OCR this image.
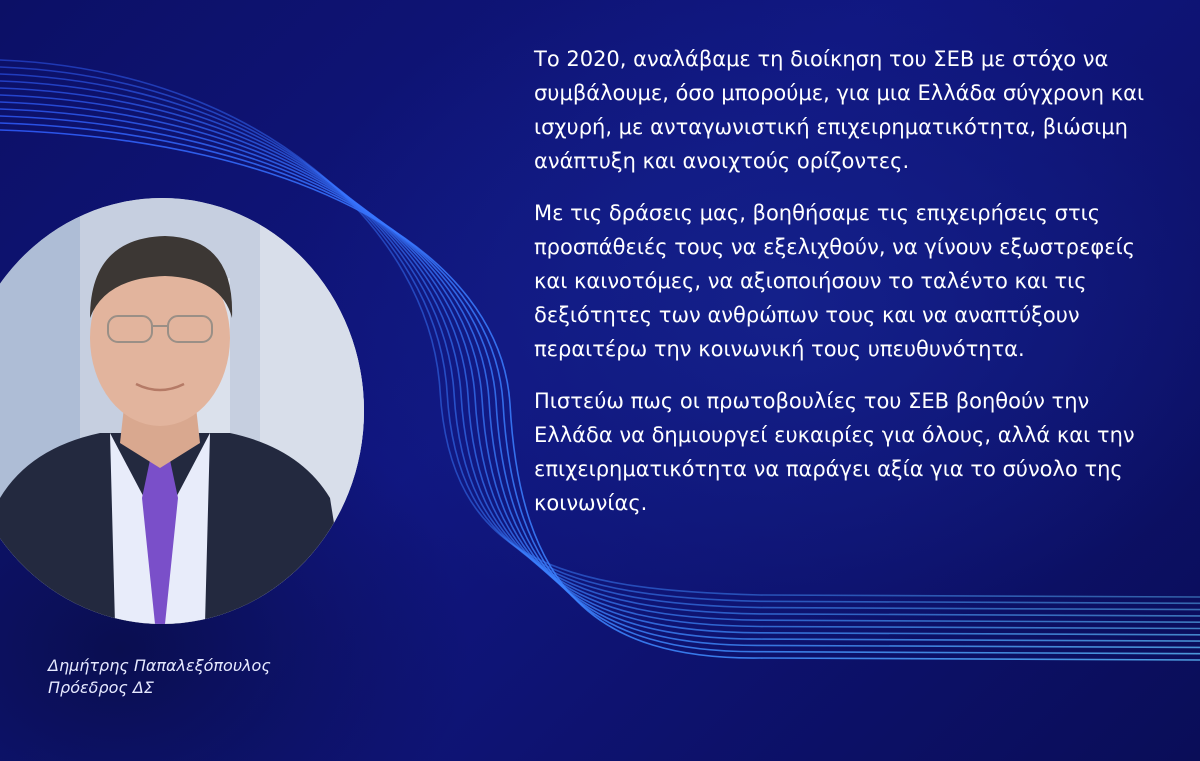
Δημήτρης Παπαλεξόπουλος
Πρόεδρος ΔΣ

Το 2020, αναλάβαμε τη διοίκηση του ΣΕΒ με στόχο να συμβάλουμε, όσο μπορούμε, για μια Ελλάδα σύγχρονη και ισχυρή, με ανταγωνιστική επιχειρηματικότητα, βιώσιμη ανάπτυξη και ανοιχτούς ορίζοντες.

Με τις δράσεις μας, βοηθήσαμε τις επιχειρήσεις στις προσπάθειές τους να εξελιχθούν, να γίνουν εξωστρεφείς και καινοτόμες, να αξιοποιήσουν το ταλέντο και τις δεξιότητες των ανθρώπων τους και να αναπτύξουν περαιτέρω την κοινωνική τους υπευθυνότητα.

Πιστεύω πως οι πρωτοβουλίες του ΣΕΒ βοηθούν την Ελλάδα να δημιουργεί ευκαιρίες για όλους, αλλά και την επιχειρηματικότητα να παράγει αξία για το σύνολο της κοινωνίας.
